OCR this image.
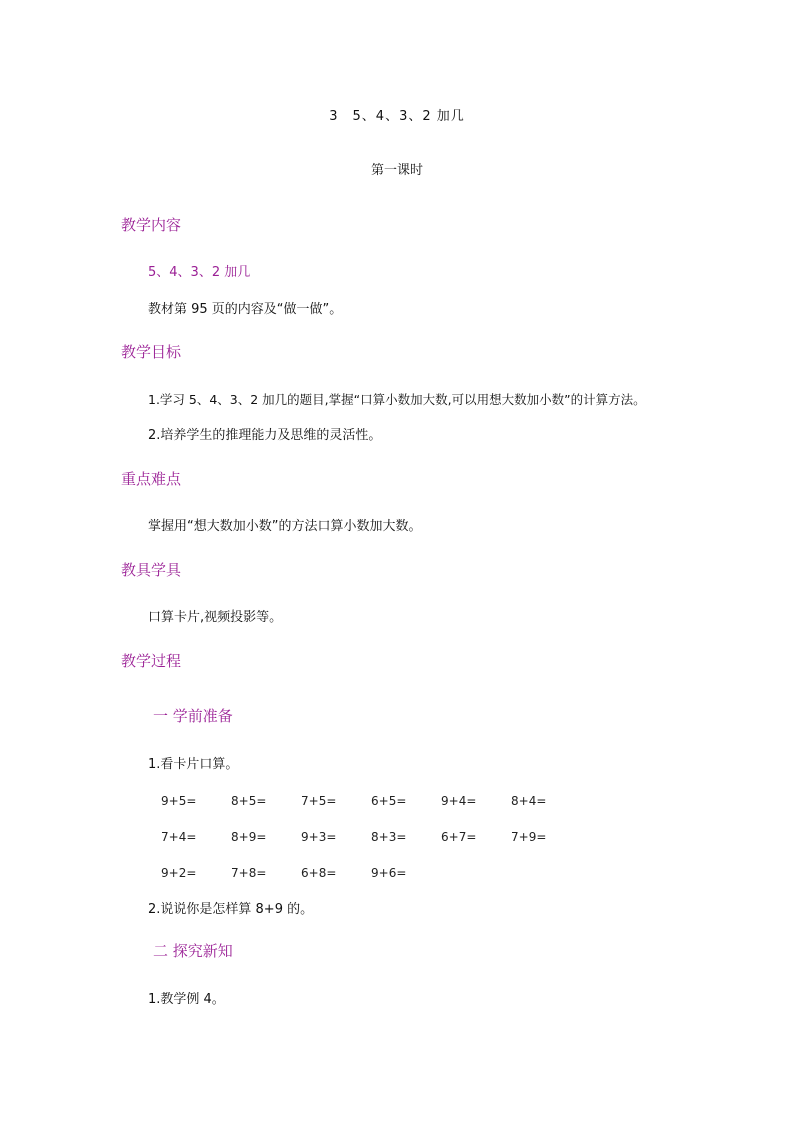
3　5、4、3、2 加几
第一课时
教学内容
5、4、3、2 加几
教材第 95 页的内容及“做一做”。
教学目标
1.学习 5、4、3、2 加几的题目,掌握“口算小数加大数,可以用想大数加小数”的计算方法。
2.培养学生的推理能力及思维的灵活性。
重点难点
掌握用“想大数加小数”的方法口算小数加大数。
教具学具
口算卡片,视频投影等。
教学过程
一 学前准备
1.看卡片口算。
9+5=	8+5=	7+5=	6+5=	9+4=	8+4=
7+4=	8+9=	9+3=	8+3=	6+7=	7+9=
9+2=	7+8=	6+8=	9+6=
2.说说你是怎样算 8+9 的。
二 探究新知
1.教学例 4。
